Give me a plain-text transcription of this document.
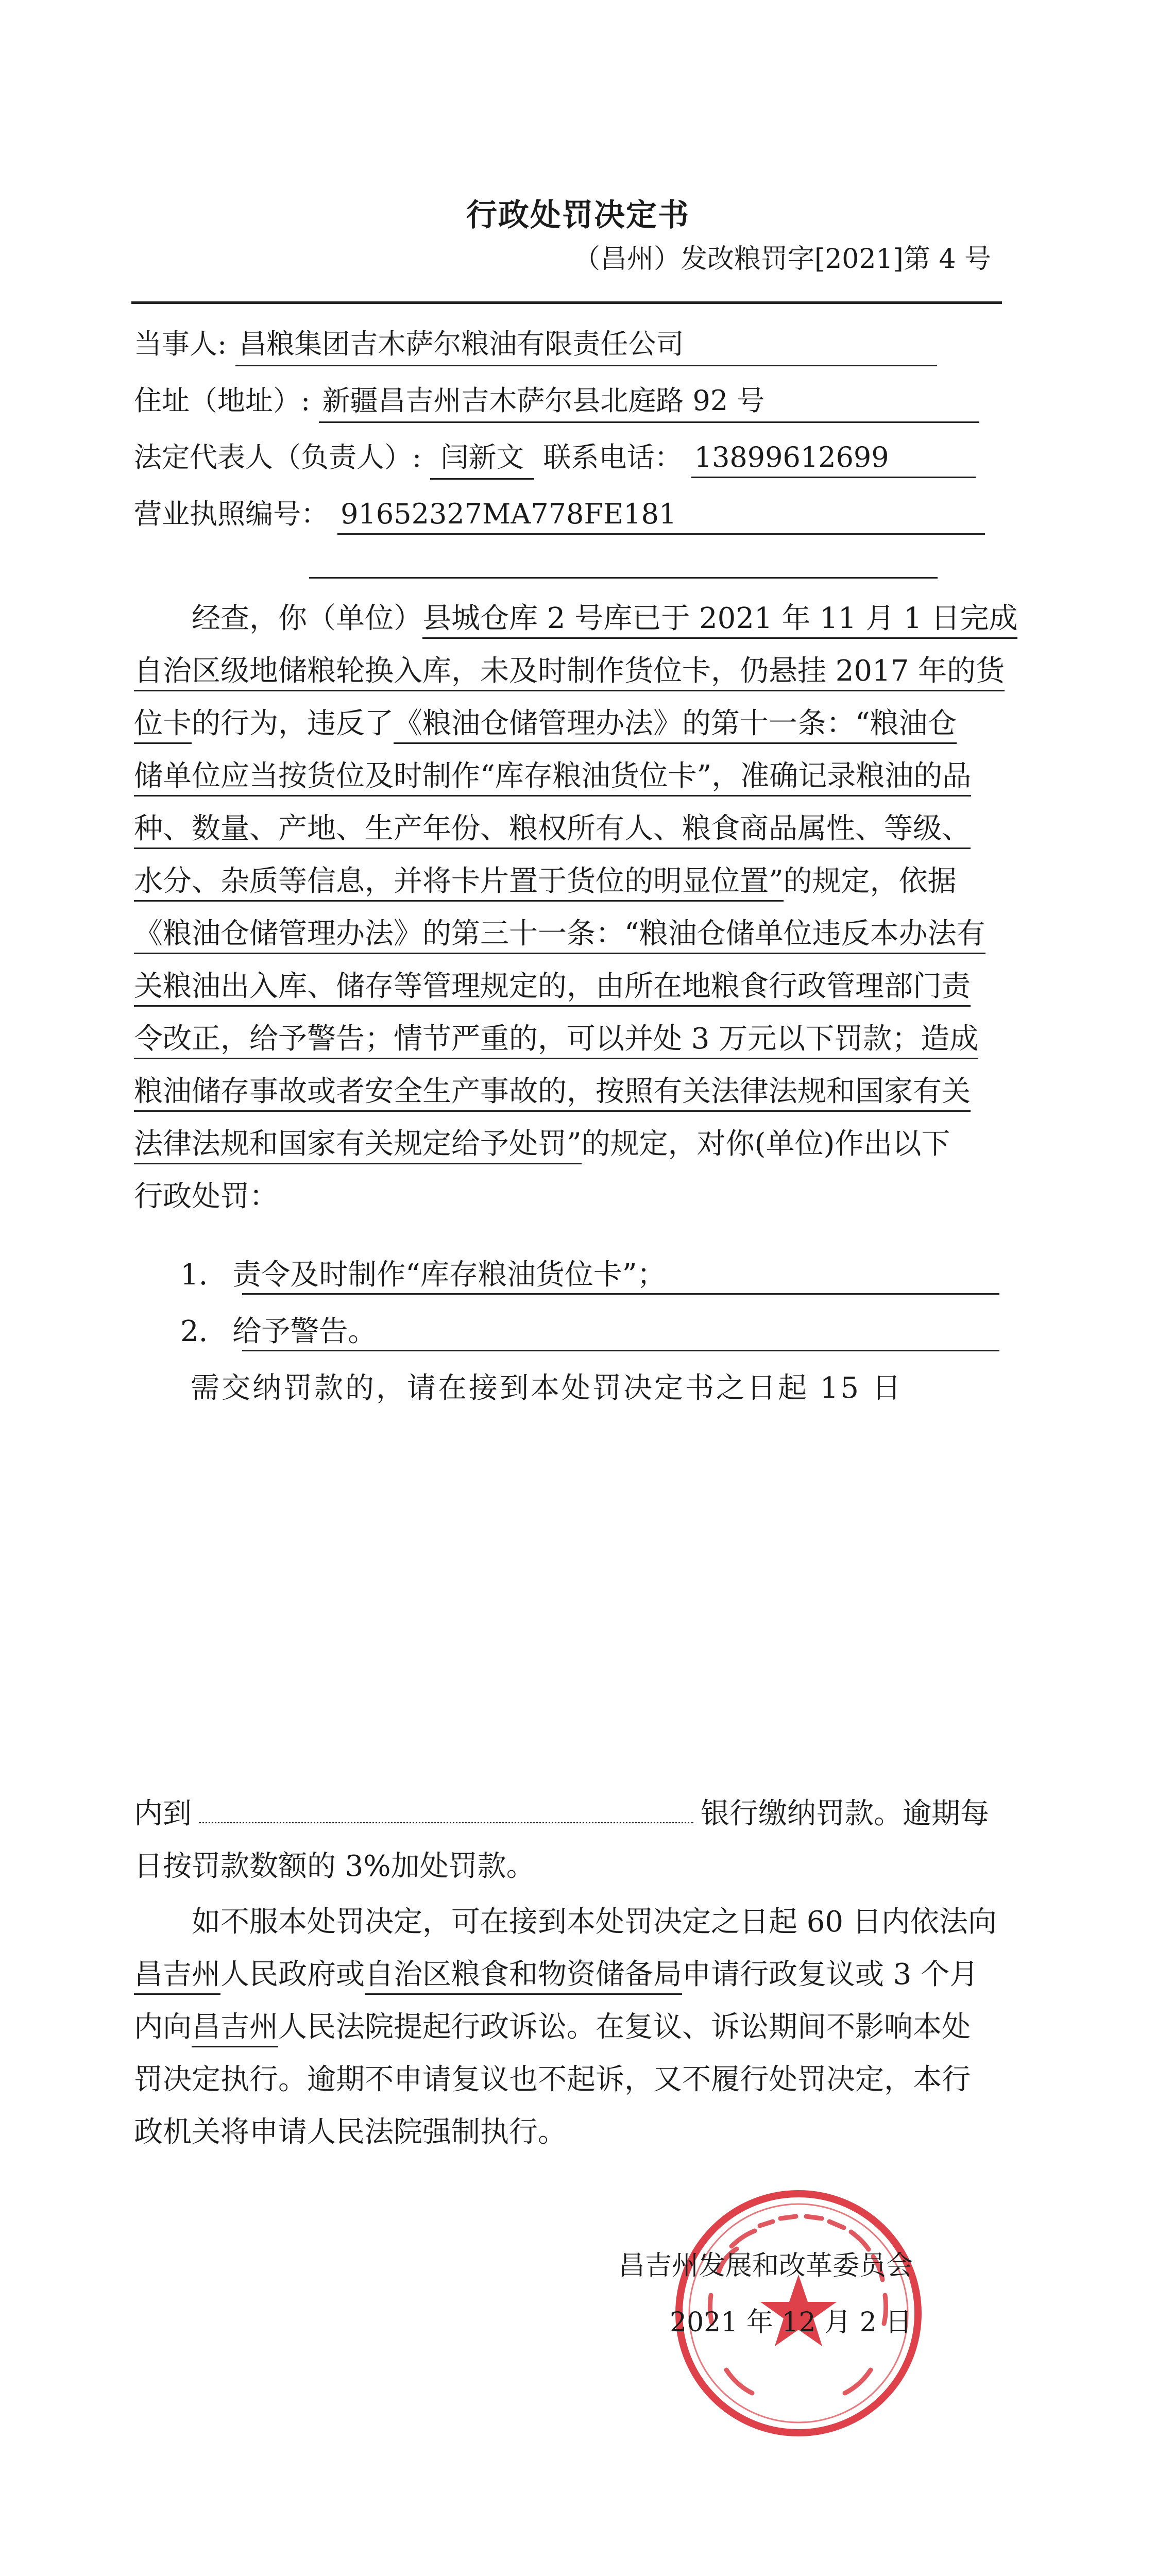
行政处罚决定书
（昌州）发改粮罚字[2021]第 4 号
当事人: 昌粮集团吉木萨尔粮油有限责任公司
住址（地址）: 新疆昌吉州吉木萨尔县北庭路 92 号
法定代表人（负责人）: 闫新文 联系电话： 13899612699
营业执照编号： 91652327MA778FE181
经查，你（单位）县城仓库 2 号库已于 2021 年 11 月 1 日完成
自治区级地储粮轮换入库，未及时制作货位卡，仍悬挂 2017 年的货
位卡的行为，违反了《粮油仓储管理办法》的第十一条：“粮油仓
储单位应当按货位及时制作“库存粮油货位卡”，准确记录粮油的品
种、数量、产地、生产年份、粮权所有人、粮食商品属性、等级、
水分、杂质等信息，并将卡片置于货位的明显位置”的规定，依据
《粮油仓储管理办法》的第三十一条：“粮油仓储单位违反本办法有
关粮油出入库、储存等管理规定的，由所在地粮食行政管理部门责
令改正，给予警告；情节严重的，可以并处 3 万元以下罚款；造成
粮油储存事故或者安全生产事故的，按照有关法律法规和国家有关
法律法规和国家有关规定给予处罚”的规定，对你(单位)作出以下
行政处罚：
1. 责令及时制作“库存粮油货位卡”；
2. 给予警告。
需交纳罚款的，请在接到本处罚决定书之日起 15 日
内到	银行缴纳罚款。逾期每
日按罚款数额的 3%加处罚款。
如不服本处罚决定，可在接到本处罚决定之日起 60 日内依法向
昌吉州人民政府或自治区粮食和物资储备局申请行政复议或 3 个月
内向昌吉州人民法院提起行政诉讼。在复议、诉讼期间不影响本处
罚决定执行。逾期不申请复议也不起诉，又不履行处罚决定，本行
政机关将申请人民法院强制执行。
昌吉州发展和改革委员会
2021 年 12 月 2 日
